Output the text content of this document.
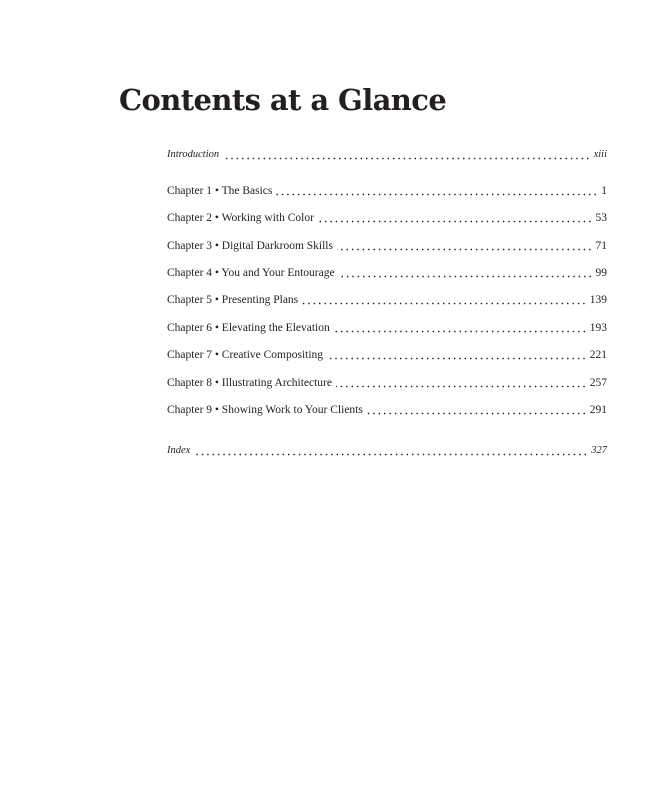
Contents at a Glance
Introduction	xiii
Chapter 1 • The Basics	1
Chapter 2 • Working with Color	53
Chapter 3 • Digital Darkroom Skills	71
Chapter 4 • You and Your Entourage	99
Chapter 5 • Presenting Plans	139
Chapter 6 • Elevating the Elevation	193
Chapter 7 • Creative Compositing	221
Chapter 8 • Illustrating Architecture	257
Chapter 9 • Showing Work to Your Clients	291
Index	327
